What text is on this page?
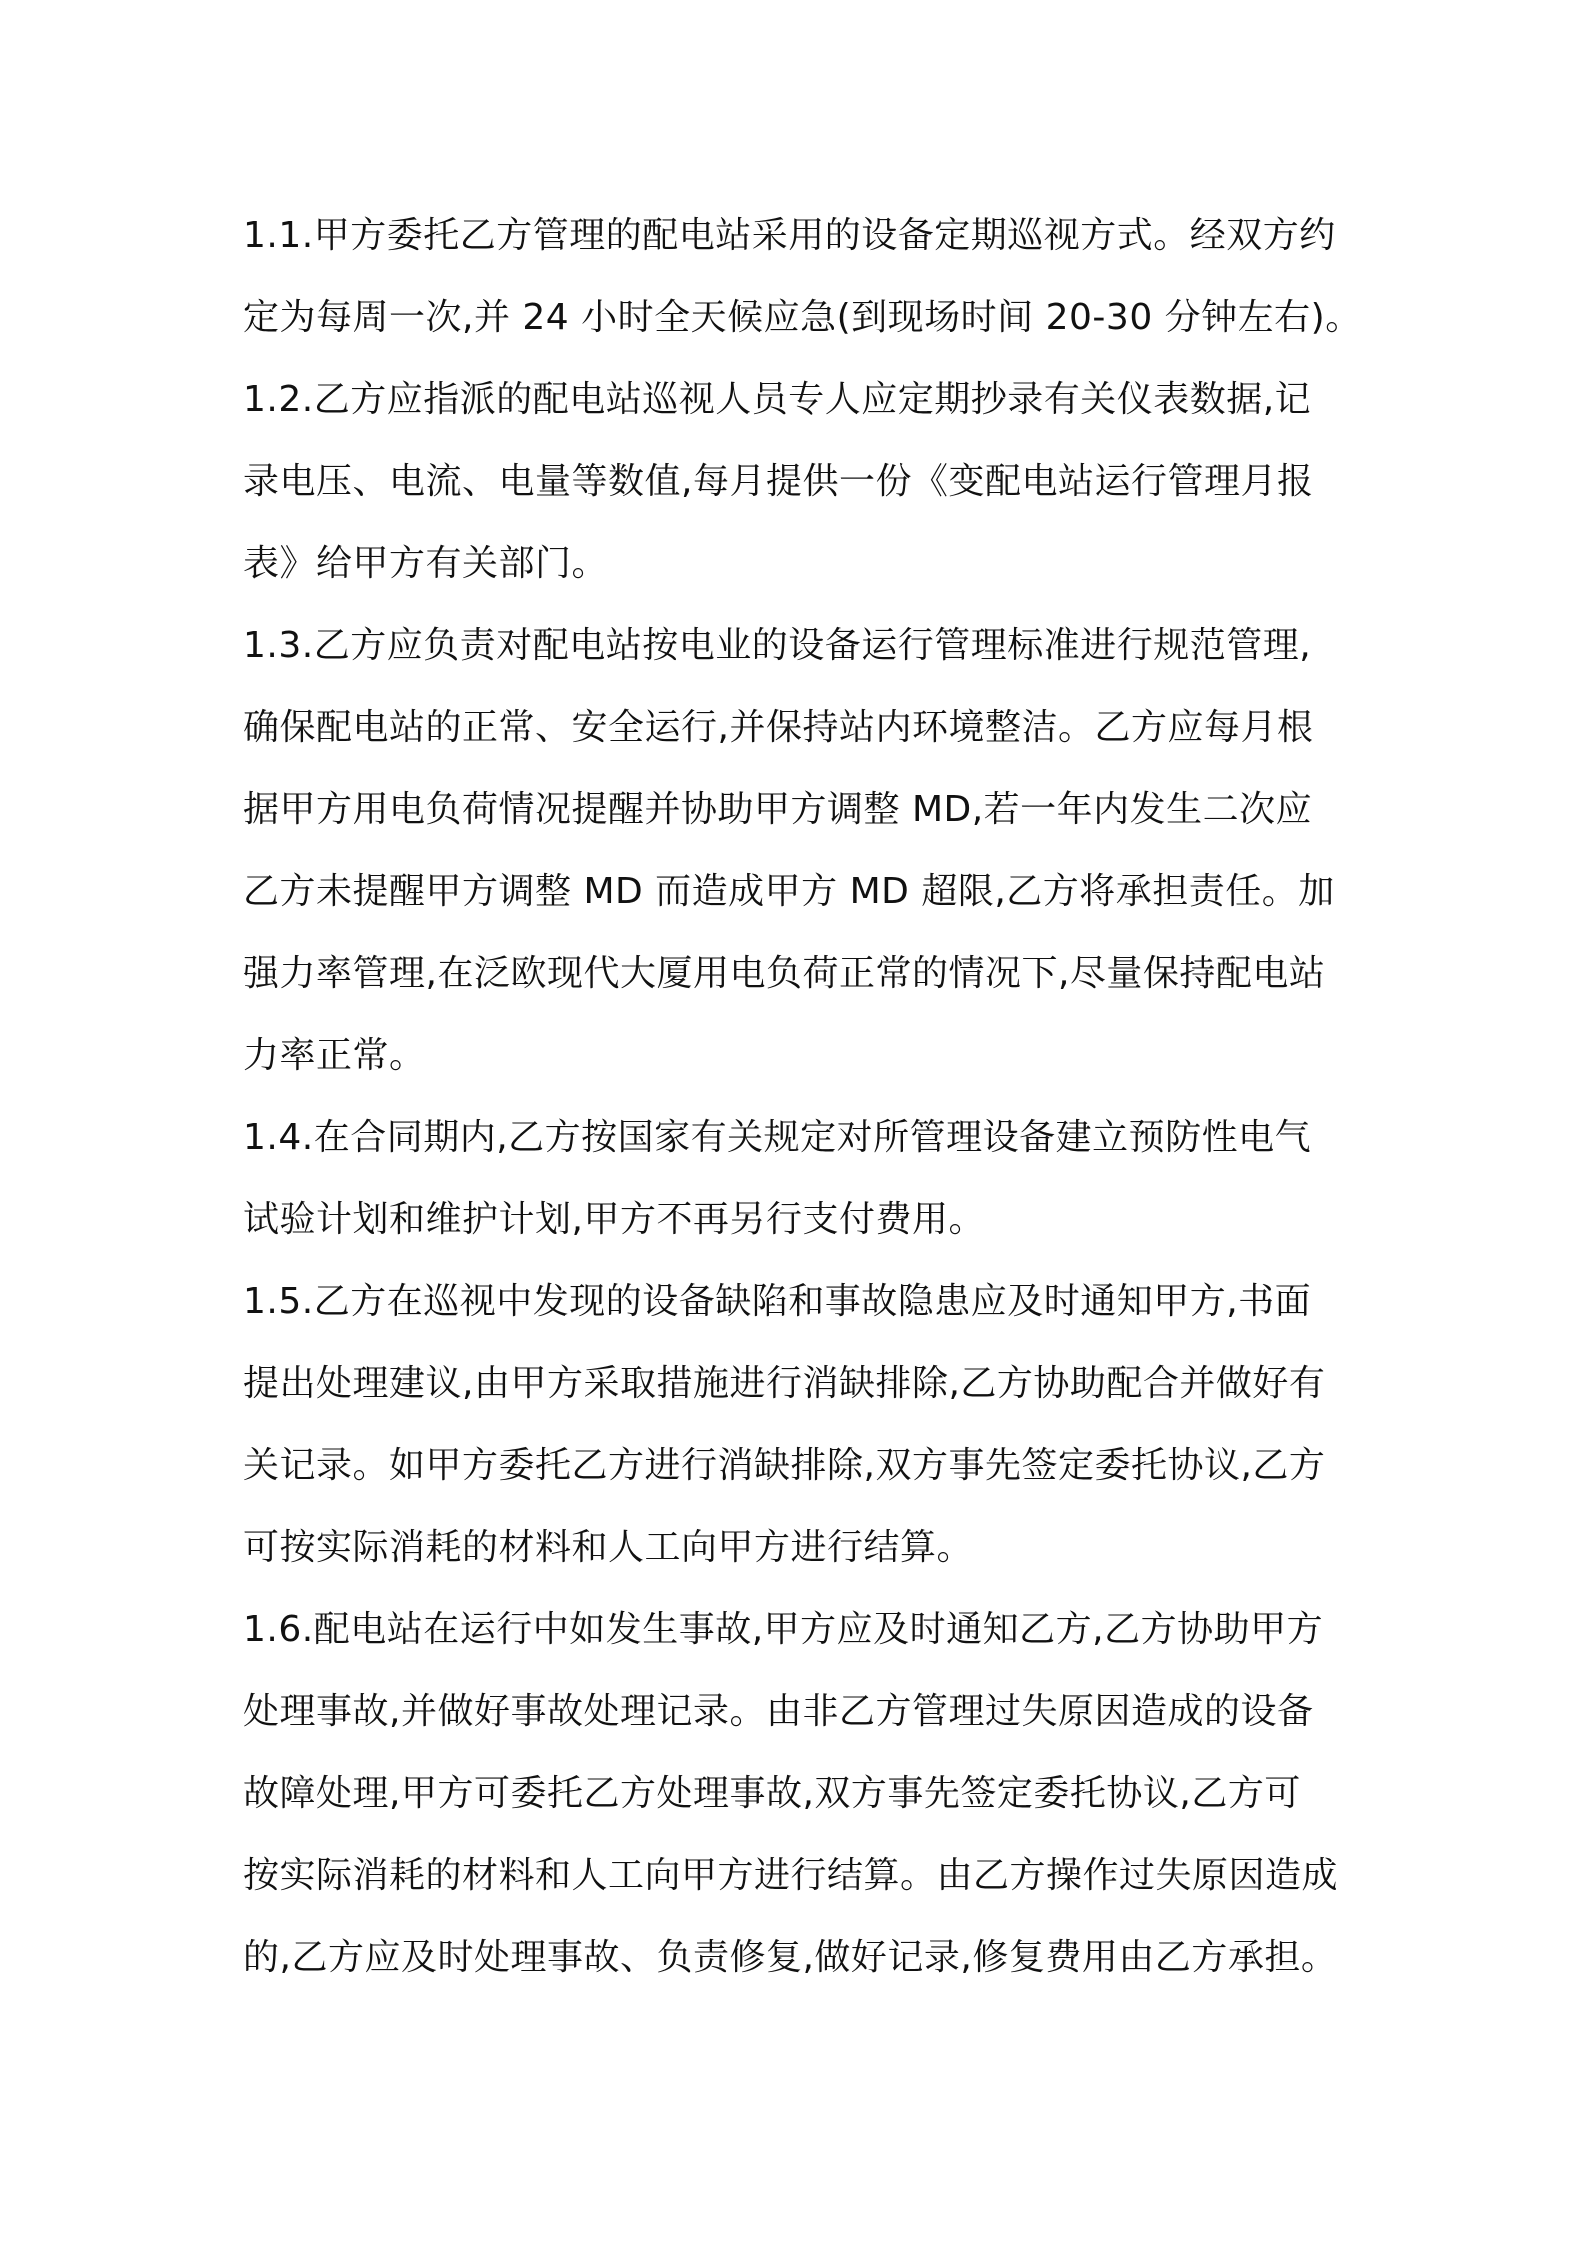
1.1.甲方委托乙方管理的配电站采用的设备定期巡视方式。经双方约
定为每周一次,并 24 小时全天候应急(到现场时间 20-30 分钟左右)。
1.2.乙方应指派的配电站巡视人员专人应定期抄录有关仪表数据,记
录电压、电流、电量等数值,每月提供一份《变配电站运行管理月报
表》给甲方有关部门。
1.3.乙方应负责对配电站按电业的设备运行管理标准进行规范管理,
确保配电站的正常、安全运行,并保持站内环境整洁。乙方应每月根
据甲方用电负荷情况提醒并协助甲方调整 MD,若一年内发生二次应
乙方未提醒甲方调整 MD 而造成甲方 MD 超限,乙方将承担责任。加
强力率管理,在泛欧现代大厦用电负荷正常的情况下,尽量保持配电站
力率正常。
1.4.在合同期内,乙方按国家有关规定对所管理设备建立预防性电气
试验计划和维护计划,甲方不再另行支付费用。
1.5.乙方在巡视中发现的设备缺陷和事故隐患应及时通知甲方,书面
提出处理建议,由甲方采取措施进行消缺排除,乙方协助配合并做好有
关记录。如甲方委托乙方进行消缺排除,双方事先签定委托协议,乙方
可按实际消耗的材料和人工向甲方进行结算。
1.6.配电站在运行中如发生事故,甲方应及时通知乙方,乙方协助甲方
处理事故,并做好事故处理记录。由非乙方管理过失原因造成的设备
故障处理,甲方可委托乙方处理事故,双方事先签定委托协议,乙方可
按实际消耗的材料和人工向甲方进行结算。由乙方操作过失原因造成
的,乙方应及时处理事故、负责修复,做好记录,修复费用由乙方承担。
